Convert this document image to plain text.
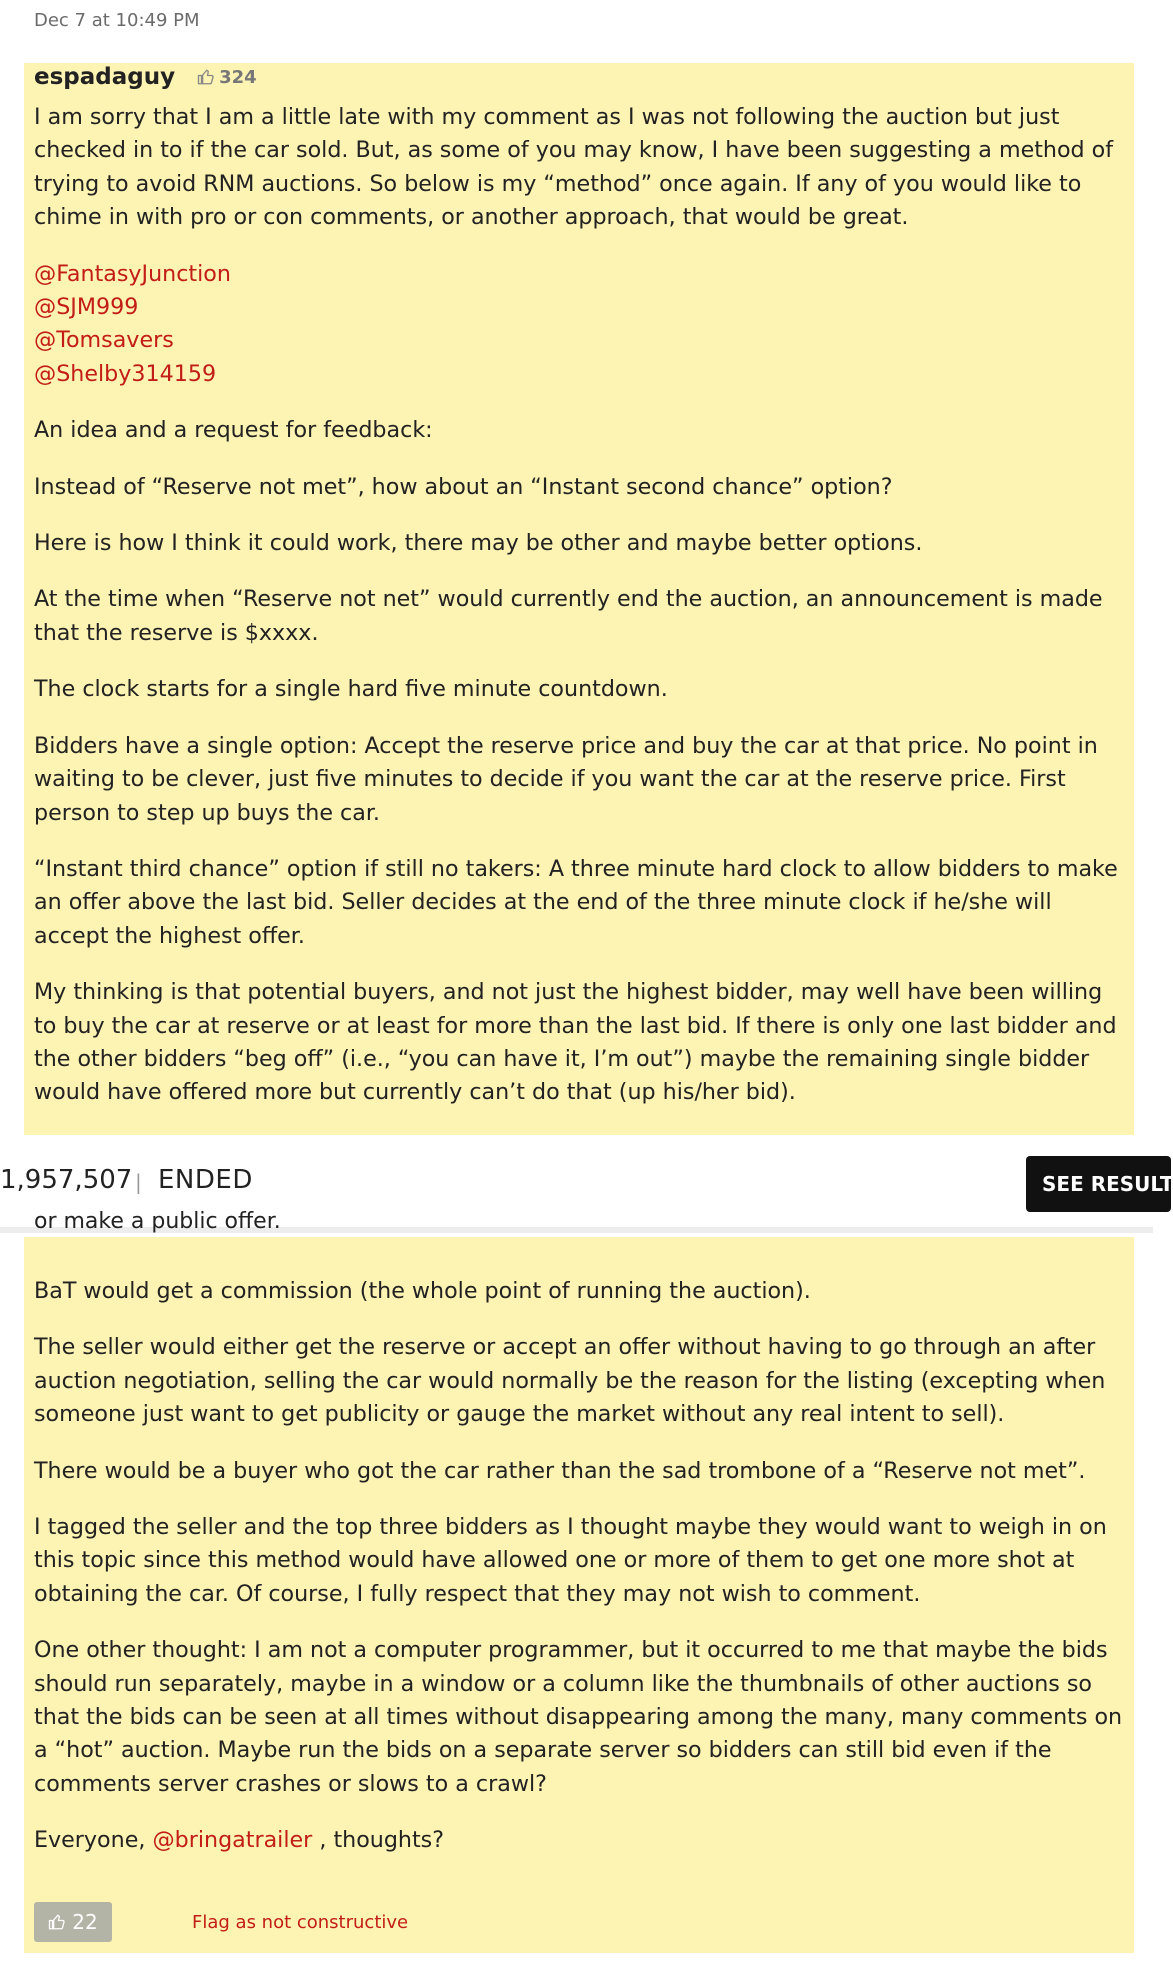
Dec 7 at 10:49 PM
espadaguy 324

I am sorry that I am a little late with my comment as I was not following the auction but just checked in to if the car sold. But, as some of you may know, I have been suggesting a method of trying to avoid RNM auctions. So below is my “method” once again. If any of you would like to chime in with pro or con comments, or another approach, that would be great.

@FantasyJunction

@SJM999

@Tomsavers

@Shelby314159

An idea and a request for feedback:

Instead of “Reserve not met”, how about an “Instant second chance” option?

Here is how I think it could work, there may be other and maybe better options.

At the time when “Reserve not net” would currently end the auction, an announcement is made that the reserve is $xxxx.

The clock starts for a single hard five minute countdown.

Bidders have a single option: Accept the reserve price and buy the car at that price. No point in waiting to be clever, just five minutes to decide if you want the car at the reserve price. First person to step up buys the car.

“Instant third chance” option if still no takers: A three minute hard clock to allow bidders to make an offer above the last bid. Seller decides at the end of the three minute clock if he/she will accept the highest offer.

My thinking is that potential buyers, and not just the highest bidder, may well have been willing to buy the car at reserve or at least for more than the last bid. If there is only one last bidder and the other bidders “beg off” (i.e., “you can have it, I’m out”) maybe the remaining single bidder would have offered more but currently can’t do that (up his/her bid).

1,957,507 | ENDED	SEE RESULT
or make a public offer.

BaT would get a commission (the whole point of running the auction).

The seller would either get the reserve or accept an offer without having to go through an after auction negotiation, selling the car would normally be the reason for the listing (excepting when someone just want to get publicity or gauge the market without any real intent to sell).

There would be a buyer who got the car rather than the sad trombone of a “Reserve not met”.

I tagged the seller and the top three bidders as I thought maybe they would want to weigh in on this topic since this method would have allowed one or more of them to get one more shot at obtaining the car. Of course, I fully respect that they may not wish to comment.

One other thought: I am not a computer programmer, but it occurred to me that maybe the bids should run separately, maybe in a window or a column like the thumbnails of other auctions so that the bids can be seen at all times without disappearing among the many, many comments on a “hot” auction. Maybe run the bids on a separate server so bidders can still bid even if the comments server crashes or slows to a crawl?

Everyone, @bringatrailer , thoughts?

22	Flag as not constructive
